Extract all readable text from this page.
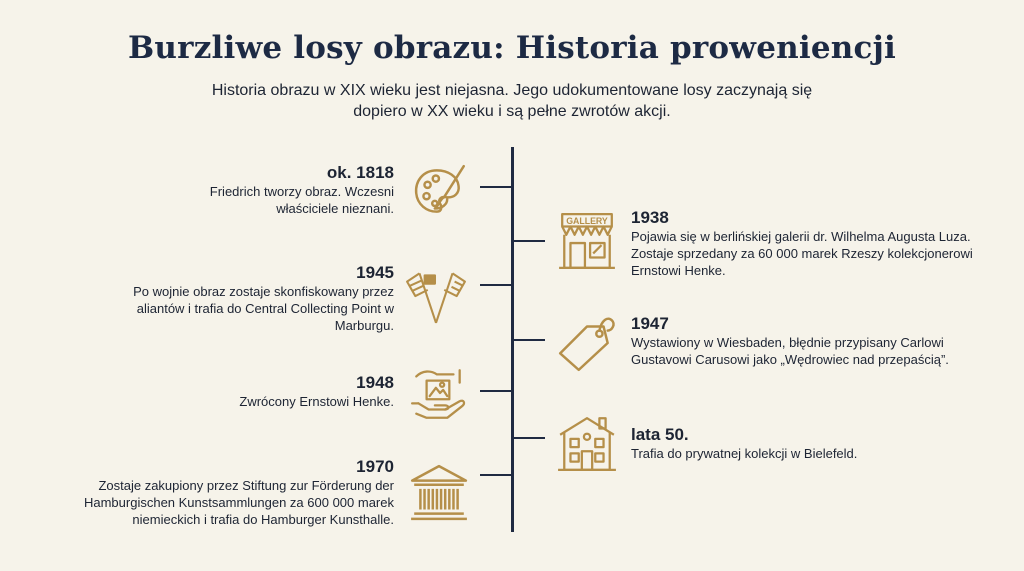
Burzliwe losy obrazu: Historia prowenienсji
Historia obrazu w XIX wieku jest niejasna. Jego udokumentowane losy zaczynają się dopiero w XX wieku i są pełne zwrotów akcji.
ok. 1818
Friedrich tworzy obraz. Wczesni właściciele nieznani.
1945
Po wojnie obraz zostaje skonfiskowany przez aliantów i trafia do Central Collecting Point w Marburgu.
1948
Zwrócony Ernstowi Henke.
1970
Zostaje zakupiony przez Stiftung zur Förderung der Hamburgischen Kunstsammlungen za 600 000 marek niemieckich i trafia do Hamburger Kunsthalle.
GALLERY 1938
Pojawia się w berlińskiej galerii dr. Wilhelma Augusta Luza. Zostaje sprzedany za 60 000 marek Rzeszy kolekcjonerowi Ernstowi Henke.
1947
Wystawiony w Wiesbaden, błędnie przypisany Carlowi Gustavowi Carusowi jako „Wędrowiec nad przepaścią”.
lata 50.
Trafia do prywatnej kolekcji w Bielefeld.
